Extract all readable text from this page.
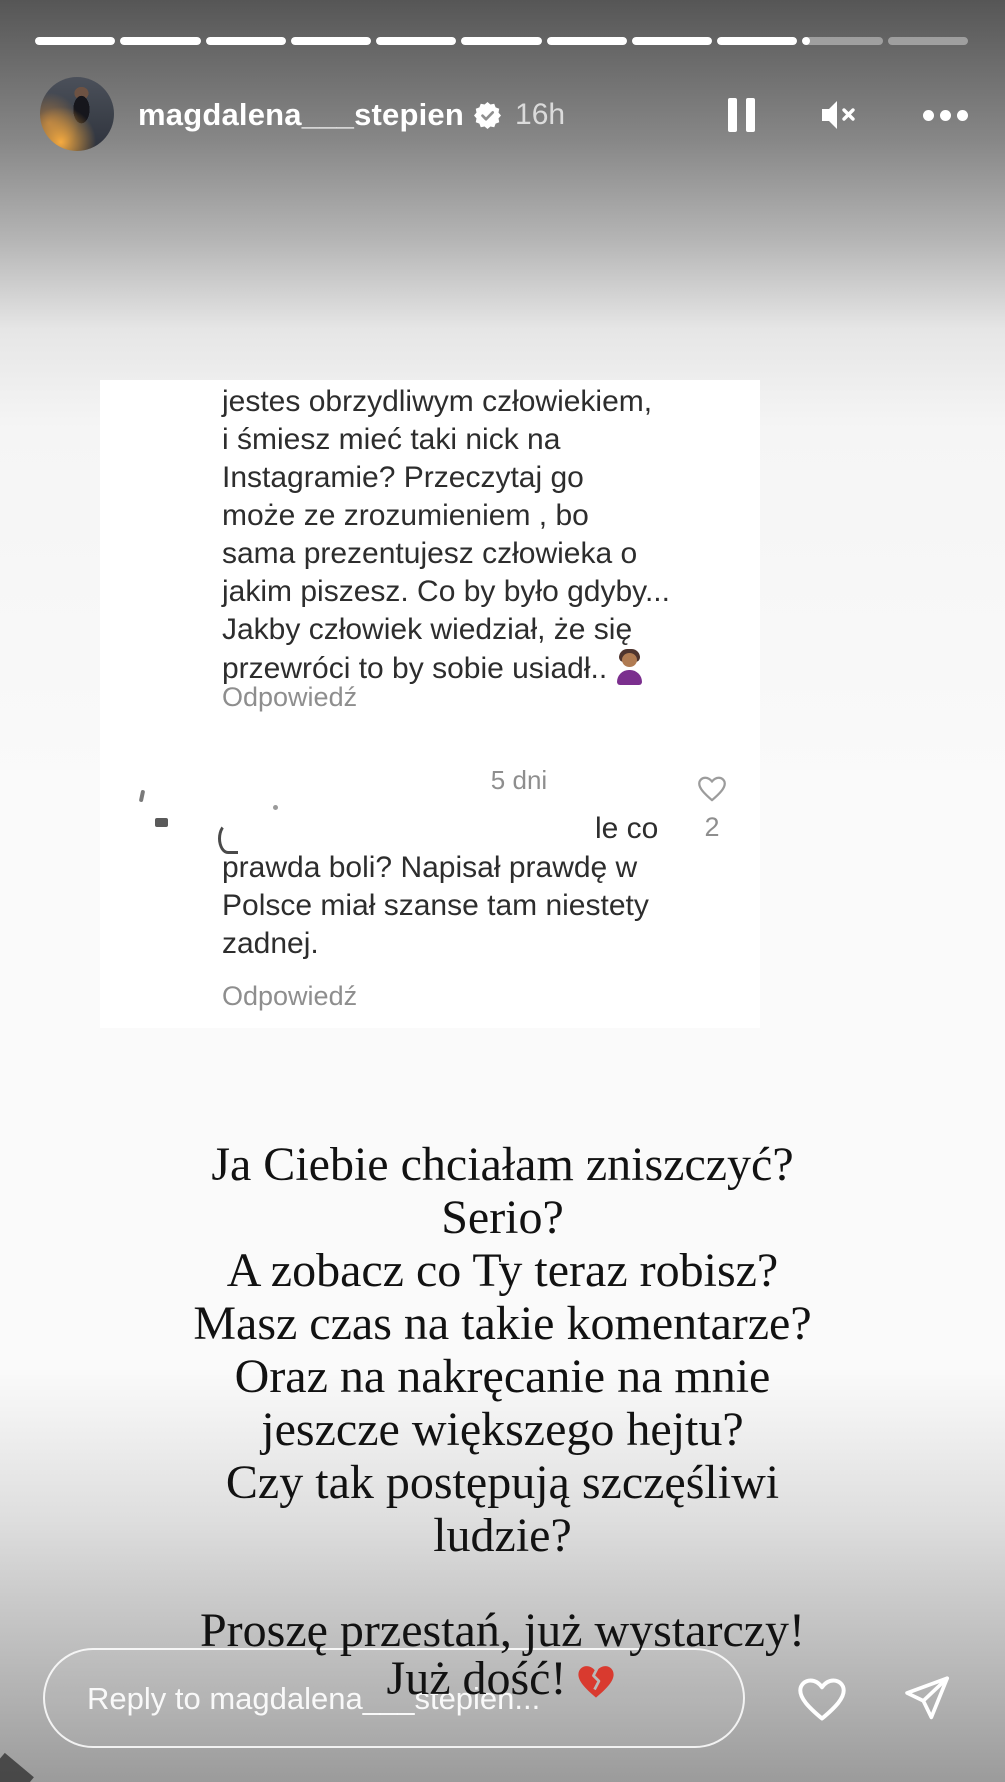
magdalena___stepien 16h
jestes obrzydliwym człowiekiem,
i śmiesz mieć taki nick na
Instagramie? Przeczytaj go
może ze zrozumieniem , bo
sama prezentujesz człowieka o
jakim piszesz. Co by było gdyby...
Jakby człowiek wiedział, że się
przewróci to by sobie usiadł..
Odpowiedź
5 dni
2
le co
prawda boli? Napisał prawdę w
Polsce miał szanse tam niestety
zadnej.
Odpowiedź
Ja Ciebie chciałam zniszczyć?
Serio?
A zobacz co Ty teraz robisz?
Masz czas na takie komentarze?
Oraz na nakręcanie na mnie
jeszcze większego hejtu?
Czy tak postępują szczęśliwi
ludzie?
Proszę przestań, już wystarczy!
Już dość!
Reply to magdalena___stepien...
